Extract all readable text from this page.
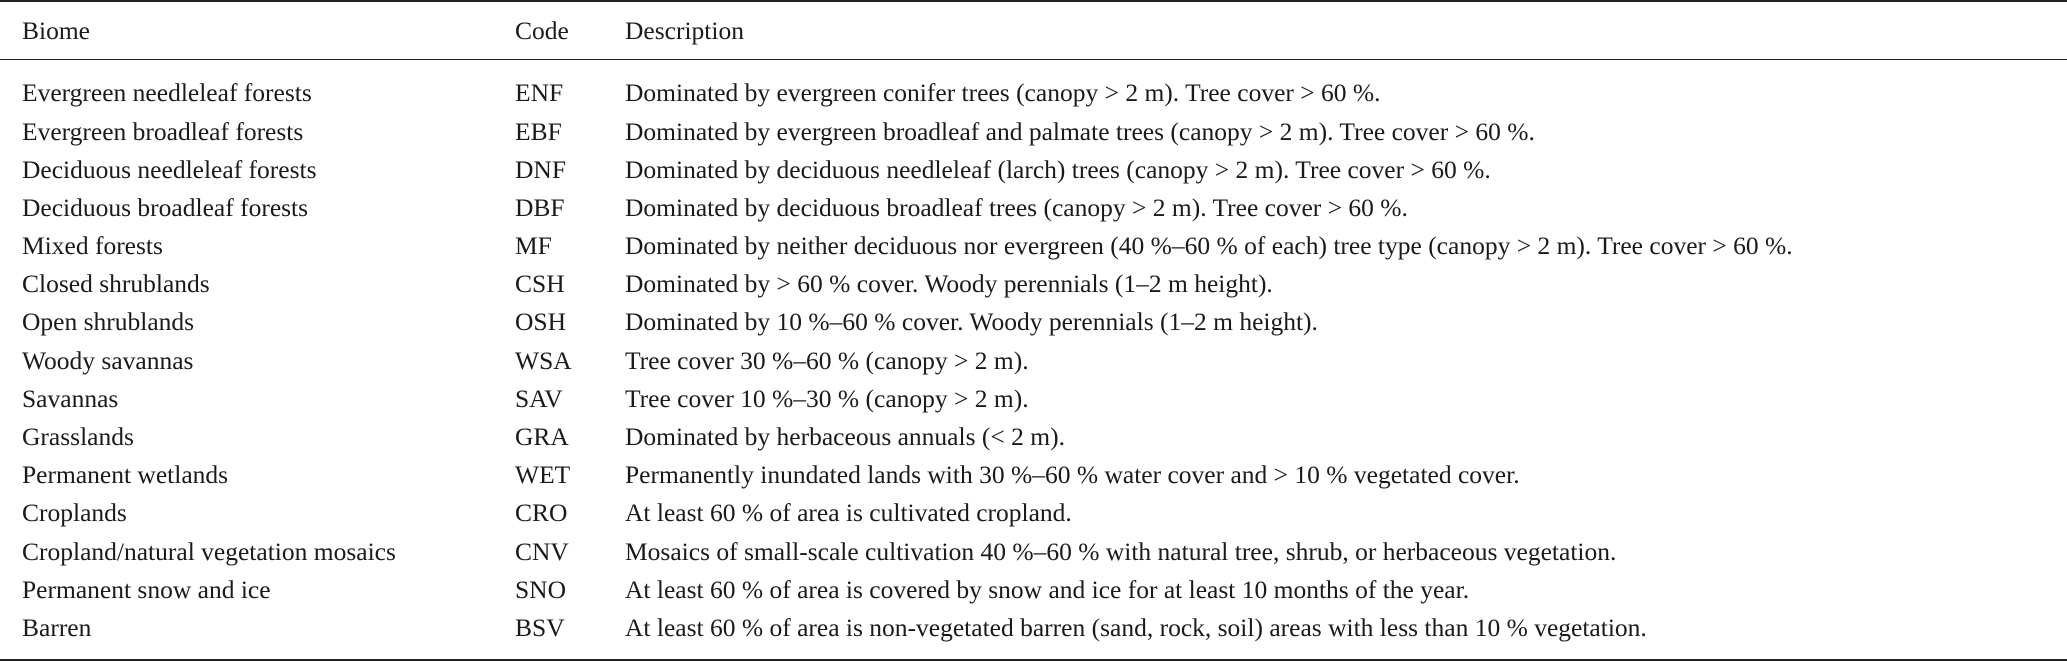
Biome	Code	Description
Evergreen needleleaf forests	ENF	Dominated by evergreen conifer trees (canopy > 2 m). Tree cover > 60 %.
Evergreen broadleaf forests	EBF	Dominated by evergreen broadleaf and palmate trees (canopy > 2 m). Tree cover > 60 %.
Deciduous needleleaf forests	DNF	Dominated by deciduous needleleaf (larch) trees (canopy > 2 m). Tree cover > 60 %.
Deciduous broadleaf forests	DBF	Dominated by deciduous broadleaf trees (canopy > 2 m). Tree cover > 60 %.
Mixed forests	MF	Dominated by neither deciduous nor evergreen (40 %–60 % of each) tree type (canopy > 2 m). Tree cover > 60 %.
Closed shrublands	CSH	Dominated by > 60 % cover. Woody perennials (1–2 m height).
Open shrublands	OSH	Dominated by 10 %–60 % cover. Woody perennials (1–2 m height).
Woody savannas	WSA	Tree cover 30 %–60 % (canopy > 2 m).
Savannas	SAV	Tree cover 10 %–30 % (canopy > 2 m).
Grasslands	GRA	Dominated by herbaceous annuals (< 2 m).
Permanent wetlands	WET	Permanently inundated lands with 30 %–60 % water cover and > 10 % vegetated cover.
Croplands	CRO	At least 60 % of area is cultivated cropland.
Cropland/natural vegetation mosaics	CNV	Mosaics of small-scale cultivation 40 %–60 % with natural tree, shrub, or herbaceous vegetation.
Permanent snow and ice	SNO	At least 60 % of area is covered by snow and ice for at least 10 months of the year.
Barren	BSV	At least 60 % of area is non-vegetated barren (sand, rock, soil) areas with less than 10 % vegetation.
